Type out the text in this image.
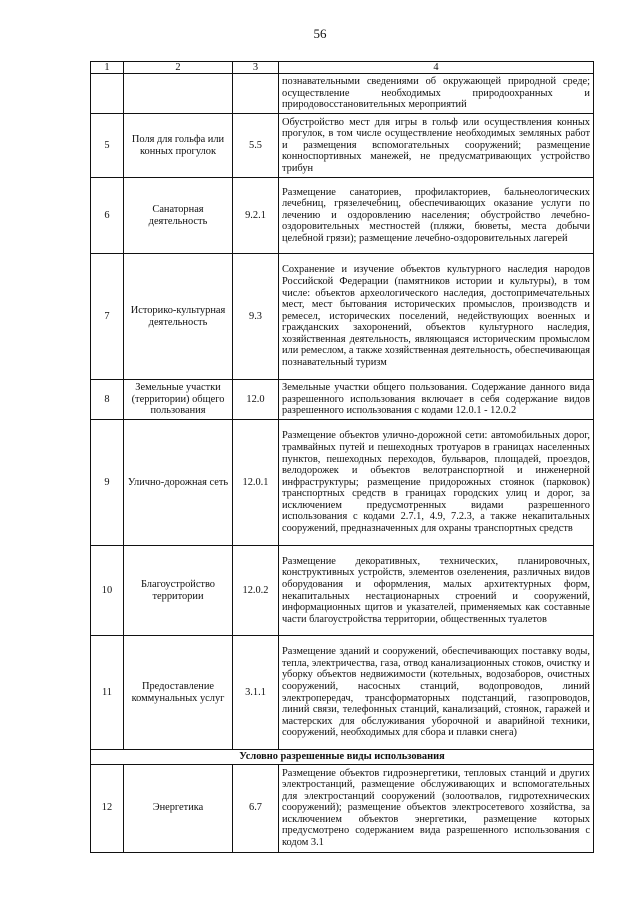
56
1	2	3	4
			познавательными сведениями об окружающей природной среде; осуществление необходимых природоохранных и природовосстановительных мероприятий
5	Поля для гольфа или конных прогулок	5.5	Обустройство мест для игры в гольф или осуществления конных прогулок, в том числе осуществление необходимых земляных работ и размещения вспомогательных сооружений; размещение конноспортивных манежей, не предусматривающих устройство трибун
6	Санаторная деятельность	9.2.1	Размещение санаториев, профилакториев, бальнеологических лечебниц, грязелечебниц, обеспечивающих оказание услуги по лечению и оздоровлению населения; обустройство лечебно-оздоровительных местностей (пляжи, бюветы, места добычи целебной грязи); размещение лечебно-оздоровительных лагерей
7	Историко-культурная деятельность	9.3	Сохранение и изучение объектов культурного наследия народов Российской Федерации (памятников истории и культуры), в том числе: объектов археологического наследия, достопримечательных мест, мест бытования исторических промыслов, производств и ремесел, исторических поселений, недействующих военных и гражданских захоронений, объектов культурного наследия, хозяйственная деятельность, являющаяся историческим промыслом или ремеслом, а также хозяйственная деятельность, обеспечивающая познавательный туризм
8	Земельные участки (территории) общего пользования	12.0	Земельные участки общего пользования. Содержание данного вида разрешенного использования включает в себя содержание видов разрешенного использования с кодами 12.0.1 - 12.0.2
9	Улично-дорожная сеть	12.0.1	Размещение объектов улично-дорожной сети: автомобильных дорог, трамвайных путей и пешеходных тротуаров в границах населенных пунктов, пешеходных переходов, бульваров, площадей, проездов, велодорожек и объектов велотранспортной и инженерной инфраструктуры; размещение придорожных стоянок (парковок) транспортных средств в границах городских улиц и дорог, за исключением предусмотренных видами разрешенного использования с кодами 2.7.1, 4.9, 7.2.3, а также некапитальных сооружений, предназначенных для охраны транспортных средств
10	Благоустройство территории	12.0.2	Размещение декоративных, технических, планировочных, конструктивных устройств, элементов озеленения, различных видов оборудования и оформления, малых архитектурных форм, некапитальных нестационарных строений и сооружений, информационных щитов и указателей, применяемых как составные части благоустройства территории, общественных туалетов
11	Предоставление коммунальных услуг	3.1.1	Размещение зданий и сооружений, обеспечивающих поставку воды, тепла, электричества, газа, отвод канализационных стоков, очистку и уборку объектов недвижимости (котельных, водозаборов, очистных сооружений, насосных станций, водопроводов, линий электропередач, трансформаторных подстанций, газопроводов, линий связи, телефонных станций, канализаций, стоянок, гаражей и мастерских для обслуживания уборочной и аварийной техники, сооружений, необходимых для сбора и плавки снега)
Условно разрешенные виды использования			
12	Энергетика	6.7	Размещение объектов гидроэнергетики, тепловых станций и других электростанций, размещение обслуживающих и вспомогательных для электростанций сооружений (золоотвалов, гидротехнических сооружений); размещение объектов электросетевого хозяйства, за исключением объектов энергетики, размещение которых предусмотрено содержанием вида разрешенного использования с кодом 3.1
